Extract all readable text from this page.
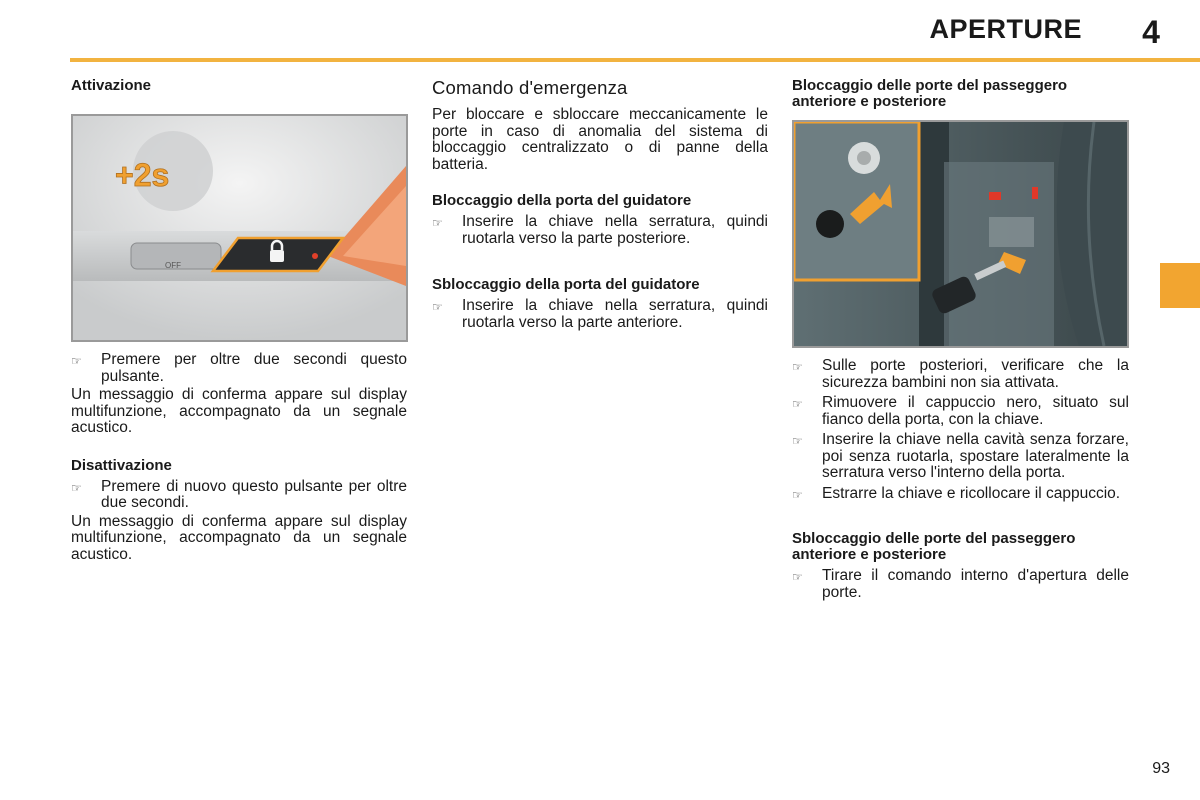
APERTURE	4
Attivazione
+2s
OFF
☞	Premere per oltre due secondi questo pulsante.

Un messaggio di conferma appare sul display multifunzione, accompagnato da un segnale acustico.

Disattivazione
☞	Premere di nuovo questo pulsante per oltre due secondi.

Un messaggio di conferma appare sul display multifunzione, accompagnato da un segnale acustico.

Comando d'emergenza

Per bloccare e sbloccare meccanicamente le porte in caso di anomalia del sistema di bloccaggio centralizzato o di panne della batteria.

Bloccaggio della porta del guidatore
☞	Inserire la chiave nella serratura, quindi ruotarla verso la parte posteriore.
Sbloccaggio della porta del guidatore
☞	Inserire la chiave nella serratura, quindi ruotarla verso la parte anteriore.
Bloccaggio delle porte del passeggero anteriore e posteriore
☞	Sulle porte posteriori, verificare che la sicurezza bambini non sia attivata.
☞	Rimuovere il cappuccio nero, situato sul fianco della porta, con la chiave.
☞	Inserire la chiave nella cavità senza forzare, poi senza ruotarla, spostare lateralmente la serratura verso l'interno della porta.
☞	Estrarre la chiave e ricollocare il cappuccio.
Sbloccaggio delle porte del passeggero anteriore e posteriore
☞	Tirare il comando interno d'apertura delle porte.
93
